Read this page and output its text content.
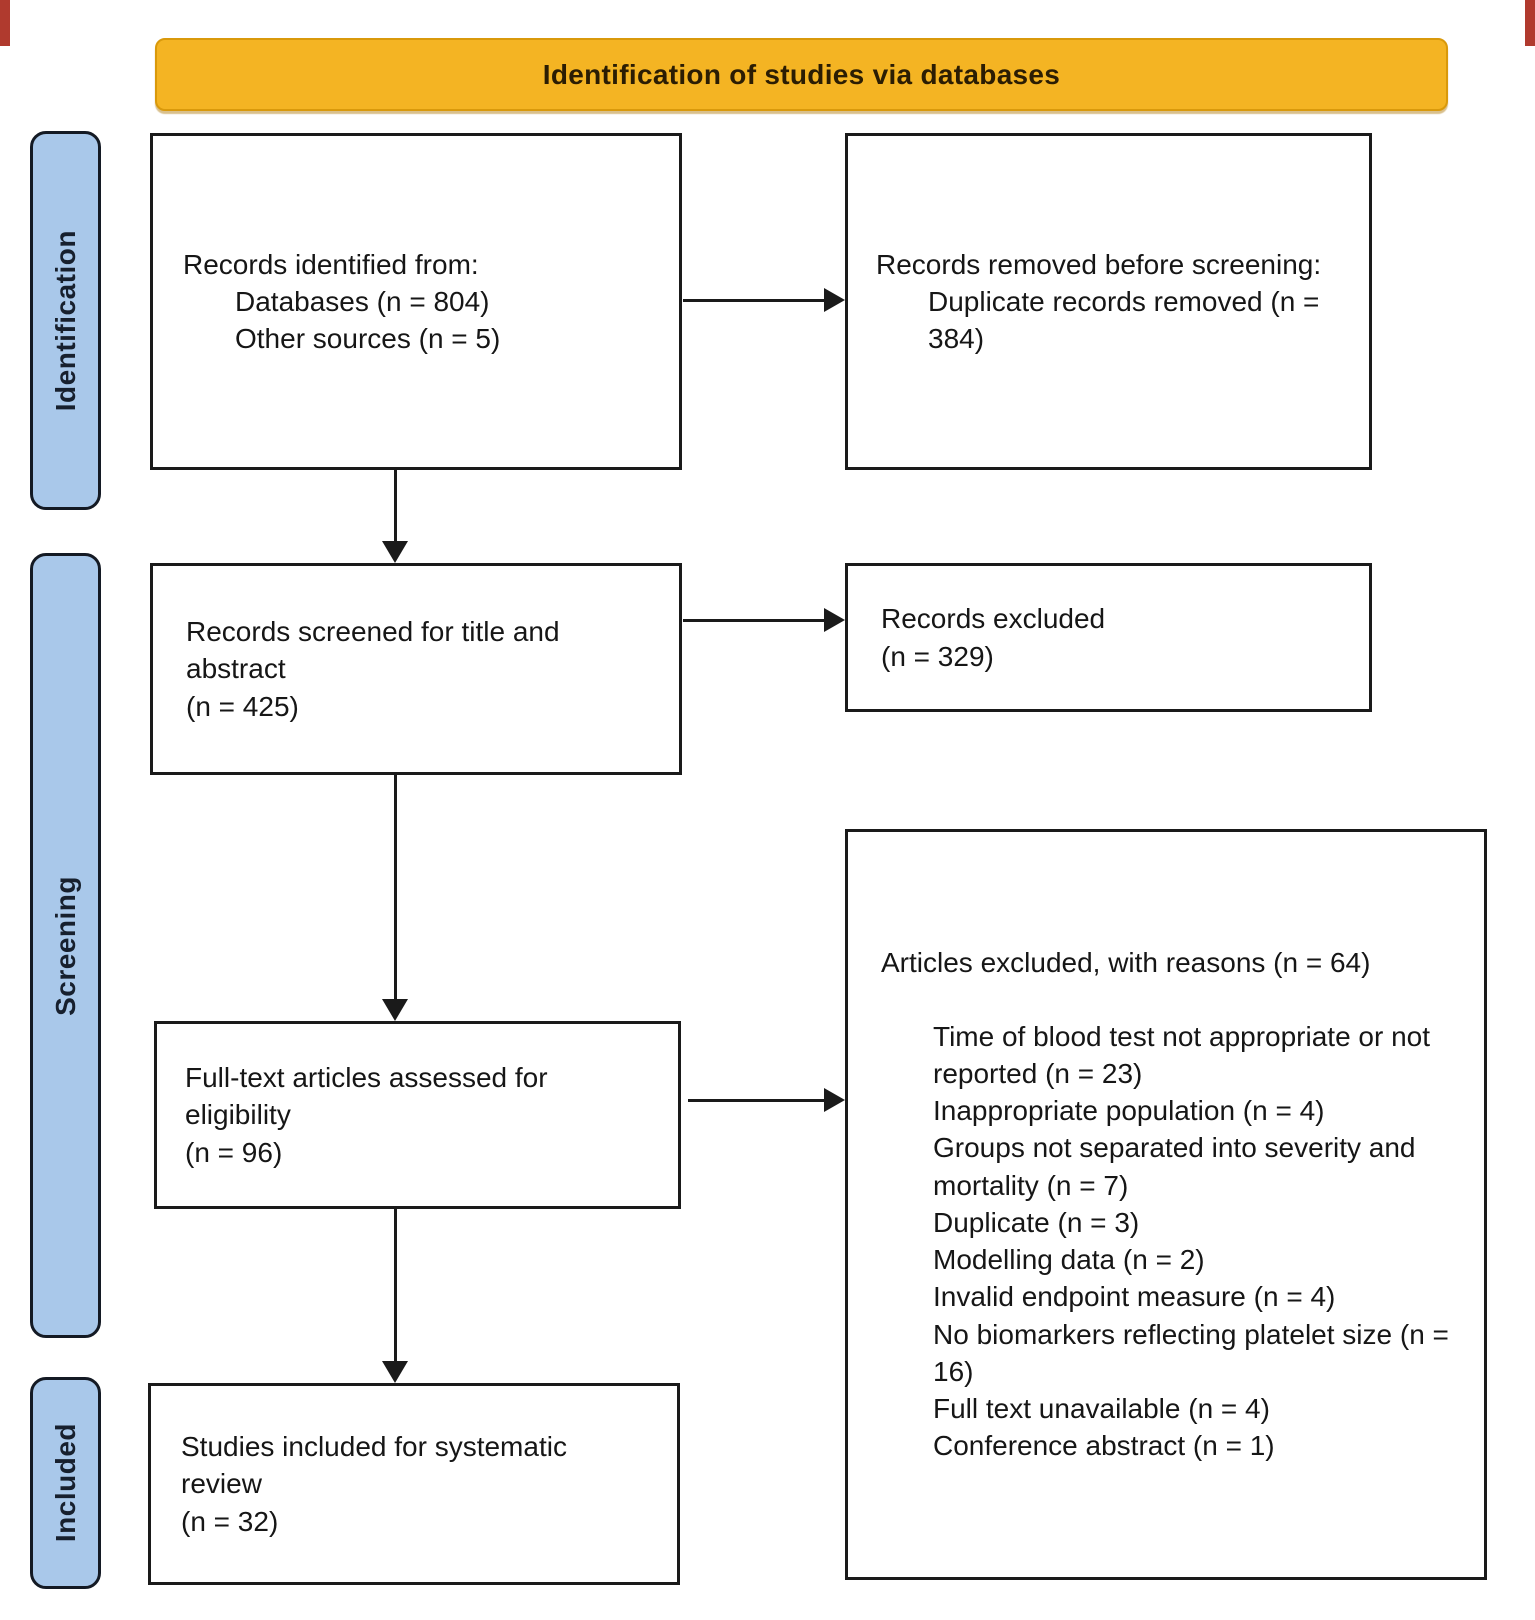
Identification of studies via databases
Identification
Screening
Included
Records identified from:
Databases (n = 804)
Other sources (n = 5)
Records removed before screening:
Duplicate records removed (n = 384)
Records screened for title and abstract
(n = 425)
Records excluded
(n = 329)
Full-text articles assessed for eligibility
(n = 96)
Articles excluded, with reasons (n = 64)
Time of blood test not appropriate or not reported (n = 23)
Inappropriate population (n = 4)
Groups not separated into severity and mortality (n = 7)
Duplicate (n = 3)
Modelling data (n = 2)
Invalid endpoint measure (n = 4)
No biomarkers reflecting platelet size (n = 16)
Full text unavailable (n = 4)
Conference abstract (n = 1)
Studies included for systematic review
(n = 32)
